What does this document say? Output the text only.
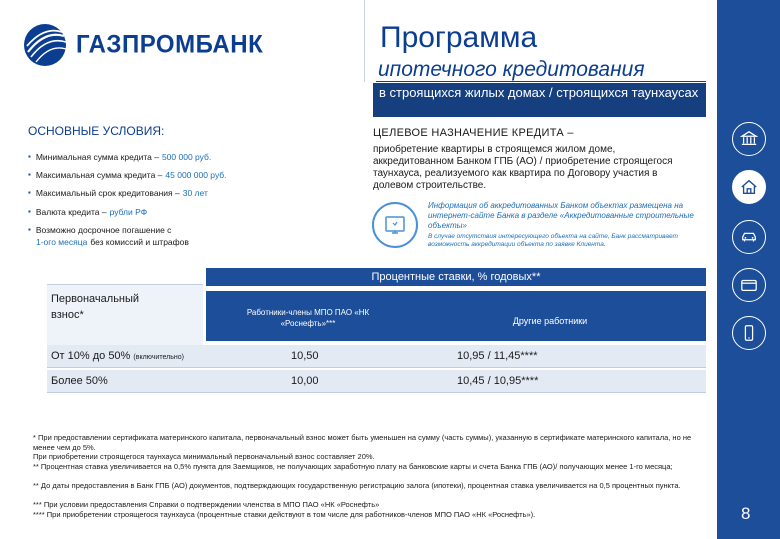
ГАЗПРОМБАНК	Программа
ипотечного кредитования
в строящихся жилых домах / строящихся таунхаусах
8
ОСНОВНЫЕ УСЛОВИЯ:
▪ Минимальная сумма кредита – 500 000 руб.
▪ Максимальная сумма кредита – 45 000 000 руб.
▪ Максимальный срок кредитования – 30 лет
▪ Валюта кредита – рубли РФ
▪ Возможно досрочное погашение с
1-ого месяца без комиссий и штрафов
ЦЕЛЕВОЕ НАЗНАЧЕНИЕ КРЕДИТА –
приобретение квартиры в строящемся жилом доме, аккредитованном Банком ГПБ (АО) / приобретение строящегося таунхауса, реализуемого как квартира по Договору участия в долевом строительстве.
Информация об аккредитованных Банком объектах размещена на интернет-сайте Банка в разделе «Аккредитованные строительные объекты»
В случае отсутствия интересующего объекта на сайте, Банк рассматривает возможность аккредитации объекта по заявке Клиента.
Процентные ставки, % годовых**
Первоначальный
взнос*	Работники-члены МПО ПАО «НК «Роснефть»***	Другие работники
От 10% до 50% (включительно)	10,50	10,95 / 11,45****
Более 50%	10,00	10,45 / 10,95****
* При предоставлении сертификата материнского капитала, первоначальный взнос может быть уменьшен на сумму (часть суммы), указанную в сертификате материнского капитала, но не менее чем до 5%.
При приобретении строящегося таунхауса минимальный первоначальный взнос составляет 20%.
** Процентная ставка увеличивается на 0,5% пункта для Заемщиков, не получающих заработную плату на банковские карты и счета Банка ГПБ (АО)/ получающих менее 1-го месяца;
** До даты предоставления в Банк ГПБ (АО) документов, подтверждающих государственную регистрацию залога (ипотеки), процентная ставка увеличивается на 0,5 процентных пункта.
*** При условии предоставления Справки о подтверждении членства в МПО ПАО «НК «Роснефть»
**** При приобретении строящегося таунхауса (процентные ставки действуют в том числе для работников-членов МПО ПАО «НК «Роснефть»).
